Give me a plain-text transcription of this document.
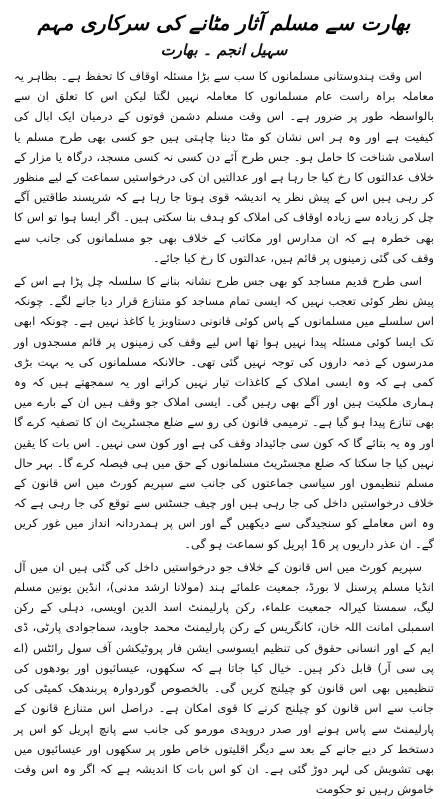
بھارت سے مسلم آثار مٹانے کی سرکاری مہم
سہیل انجم ۔ بھارت

اس وقت ہندوستانی مسلمانوں کا سب سے بڑا مسئلہ اوقاف کا تحفظ ہے۔ بظاہر یہ معاملہ براہ راست عام مسلمانوں کا معاملہ نہیں لگتا لیکن اس کا تعلق ان سے بالواسطہ طور پر ضرور ہے۔ اس وقت مسلم دشمن قوتوں کے درمیان ایک ابال کی کیفیت ہے اور وہ ہر اس نشان کو مٹا دینا چاہتی ہیں جو کسی بھی طرح مسلم یا اسلامی شناخت کا حامل ہو۔ جس طرح آئے دن کسی نہ کسی مسجد، درگاہ یا مزار کے خلاف عدالتوں کا رخ کیا جا رہا ہے اور عدالتیں ان کی درخواستیں سماعت کے لیے منظور کر رہی ہیں اس کے پیش نظر یہ اندیشہ قوی ہوتا جا رہا ہے کہ شرپسند طاقتیں آگے چل کر زیادہ سے زیادہ اوقاف کی املاک کو ہدف بنا سکتی ہیں۔ اگر ایسا ہوا تو اس کا بھی خطرہ ہے کہ ان مدارس اور مکاتب کے خلاف بھی جو مسلمانوں کی جانب سے وقف کی گئی زمینوں پر قائم ہیں، عدالتوں کا رخ کیا جائے۔

اسی طرح قدیم مساجد کو بھی جس طرح نشانہ بنانے کا سلسلہ چل پڑا ہے اس کے پیش نظر کوئی تعجب نہیں کہ ایسی تمام مساجد کو متنازع قرار دیا جانے لگے۔ چونکہ اس سلسلے میں مسلمانوں کے پاس کوئی قانونی دستاویز یا کاغذ نہیں ہے۔ چونکہ ابھی تک ایسا کوئی مسئلہ پیدا نہیں ہوا تھا اس لیے وقف کی زمینوں پر قائم مسجدوں اور مدرسوں کے ذمہ داروں کی توجہ نہیں گئی تھی۔ حالانکہ مسلمانوں کی یہ بہت بڑی کمی ہے کہ وہ ایسی املاک کے کاغذات تیار نہیں کراتے اور یہ سمجھتے ہیں کہ وہ ہماری ملکیت ہیں اور آگے بھی رہیں گی۔ ایسی املاک جو وقف ہیں ان کے بارے میں بھی تنازع پیدا ہو گیا ہے۔ ترمیمی قانون کی رو سے ضلع مجسٹریٹ ان کا تصفیہ کرے گا اور وہ یہ بتائے گا کہ کون سی جائیداد وقف کی ہے اور کون سی نہیں۔ اس بات کا یقین نہیں کیا جا سکتا کہ ضلع مجسٹریٹ مسلمانوں کے حق میں ہی فیصلہ کرے گا۔ بہر حال مسلم تنظیموں اور سیاسی جماعتوں کی جانب سے سپریم کورٹ میں اس قانون کے خلاف درخواستیں داخل کی جا رہی ہیں اور چیف جسٹس سے توقع کی جا رہی ہے کہ وہ اس معاملے کو سنجیدگی سے دیکھیں گے اور اس پر ہمدردانہ انداز میں غور کریں گے۔ ان عذر داریوں پر 16 اپریل کو سماعت ہو گی۔

سپریم کورٹ میں اس قانون کے خلاف جو درخواستیں داخل کی گئی ہیں ان میں آل انڈیا مسلم پرسنل لا بورڈ، جمعیت علمائے ہند (مولانا ارشد مدنی)، انڈین یونین مسلم لیگ، سمستا کیرالہ جمعیت علماء، رکن پارلیمنٹ اسد الدین اویسی، دہلی کے رکن اسمبلی امانت اللہ خان، کانگریس کے رکن پارلیمنٹ محمد جاوید، سماجوادی پارٹی، ڈی ایم کے اور انسانی حقوق کی تنظیم ایسوسی ایشن فار پروٹیکشن آف سول رائٹس (اے پی سی آر) قابل ذکر ہیں۔ خیال کیا جاتا ہے کہ سکھوں، عیسائیوں اور بودھوں کی تنظیمیں بھی اس قانون کو چیلنج کریں گی۔ بالخصوص گوردوارہ پربندھک کمیٹی کی جانب سے اس قانون کو چیلنج کرنے کا قوی امکان ہے۔ دراصل اس متنازع قانون کے پارلیمنٹ سے پاس ہونے اور صدر دروپدی مورمو کی جانب سے پانچ اپریل کو اس پر دستخط کر دیے جانے کے بعد سے دیگر اقلیتوں خاص طور پر سکھوں اور عیسائیوں میں بھی تشویش کی لہر دوڑ گئی ہے۔ ان کو اس بات کا اندیشہ ہے کہ اگر وہ اس وقت خاموش رہیں تو حکومت
